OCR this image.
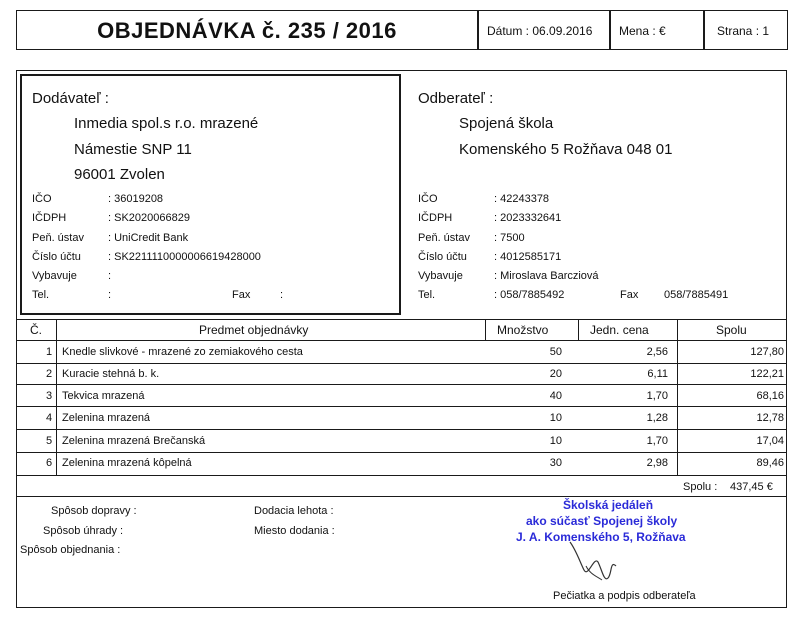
OBJEDNÁVKA č. 235 / 2016	Dátum : 06.09.2016	Mena : €	Strana : 1
Dodávateľ :
Inmedia spol.s r.o. mrazené
Námestie SNP 11
96001 Zvolen
IČO	: 36019208
IČDPH	: SK2020066829
Peň. ústav : UniCredit Bank
Číslo účtu : SK2211110000006619428000
Vybavuje	:
Tel.	:	Fax	:
Odberateľ :
Spojená škola
Komenského 5 Rožňava 048 01
IČO	: 42243378
IČDPH	: 2023332641
Peň. ústav : 7500
Číslo účtu : 4012585171
Vybavuje	: Miroslava Barcziová
Tel.	: 058/7885492	Fax 058/7885491
Č.	Predmet objednávky	Množstvo	Jedn. cena	Spolu
1 Knedle slivkové - mrazené zo zemiakového cesta	50	2,56	127,80
2 Kuracie stehná b. k.	20	6,11	122,21
3 Tekvica mrazená	40	1,70	68,16
4 Zelenina mrazená	10	1,28	12,78
5 Zelenina mrazená Brečanská	10	1,70	17,04
6 Zelenina mrazená kôpelná	30	2,98	89,46
Spolu : 437,45 €
Spôsob dopravy :
Spôsob úhrady :
Spôsob objednania :
Dodacia lehota :
Miesto dodania :
Školská jedáleň
ako súčasť Spojenej školy
J. A. Komenského 5, Rožňava
Pečiatka a podpis odberateľa
